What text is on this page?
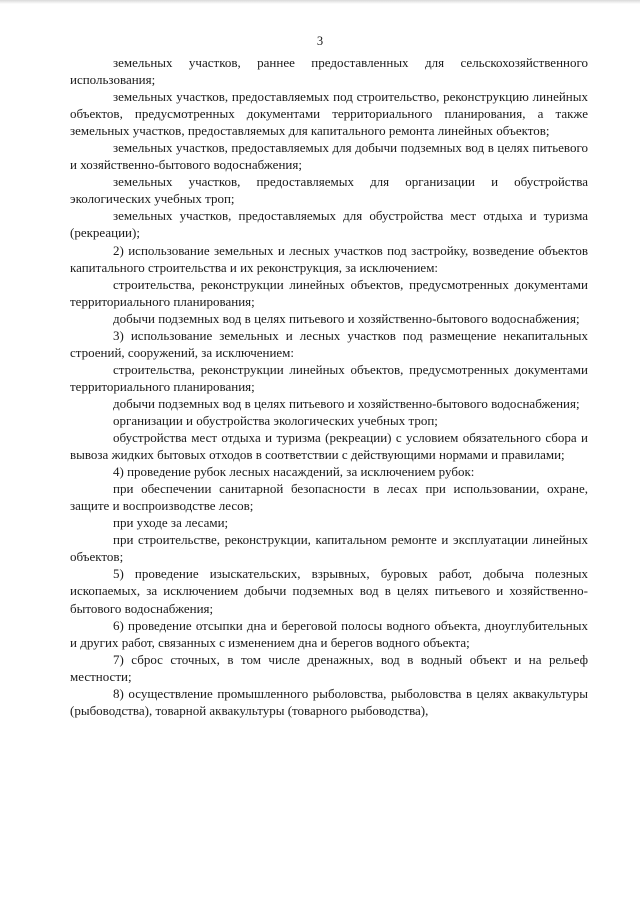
3

земельных участков, раннее предоставленных для сельскохозяйственного использования;

земельных участков, предоставляемых под строительство, реконструкцию линейных объектов, предусмотренных документами территориального планирования, а также земельных участков, предоставляемых для капитального ремонта линейных объектов;

земельных участков, предоставляемых для добычи подземных вод в целях питьевого и хозяйственно-бытового водоснабжения;

земельных участков, предоставляемых для организации и обустройства экологических учебных троп;

земельных участков, предоставляемых для обустройства мест отдыха и туризма (рекреации);

2) использование земельных и лесных участков под застройку, возведение объектов капитального строительства и их реконструкция, за исключением:

строительства, реконструкции линейных объектов, предусмотренных документами территориального планирования;

добычи подземных вод в целях питьевого и хозяйственно-бытового водоснабжения;

3) использование земельных и лесных участков под размещение некапитальных строений, сооружений, за исключением:

строительства, реконструкции линейных объектов, предусмотренных документами территориального планирования;

добычи подземных вод в целях питьевого и хозяйственно-бытового водоснабжения;

организации и обустройства экологических учебных троп;

обустройства мест отдыха и туризма (рекреации) с условием обязательного сбора и вывоза жидких бытовых отходов в соответствии с действующими нормами и правилами;

4) проведение рубок лесных насаждений, за исключением рубок:

при обеспечении санитарной безопасности в лесах при использовании, охране, защите и воспроизводстве лесов;

при уходе за лесами;

при строительстве, реконструкции, капитальном ремонте и эксплуатации линейных объектов;

5) проведение изыскательских, взрывных, буровых работ, добыча полезных ископаемых, за исключением добычи подземных вод в целях питьевого и хозяйственно-бытового водоснабжения;

6) проведение отсыпки дна и береговой полосы водного объекта, дноуглубительных и других работ, связанных с изменением дна и берегов водного объекта;

7) сброс сточных, в том числе дренажных, вод в водный объект и на рельеф местности;

8) осуществление промышленного рыболовства, рыболовства в целях аквакультуры (рыбоводства), товарной аквакультуры (товарного рыбоводства),
